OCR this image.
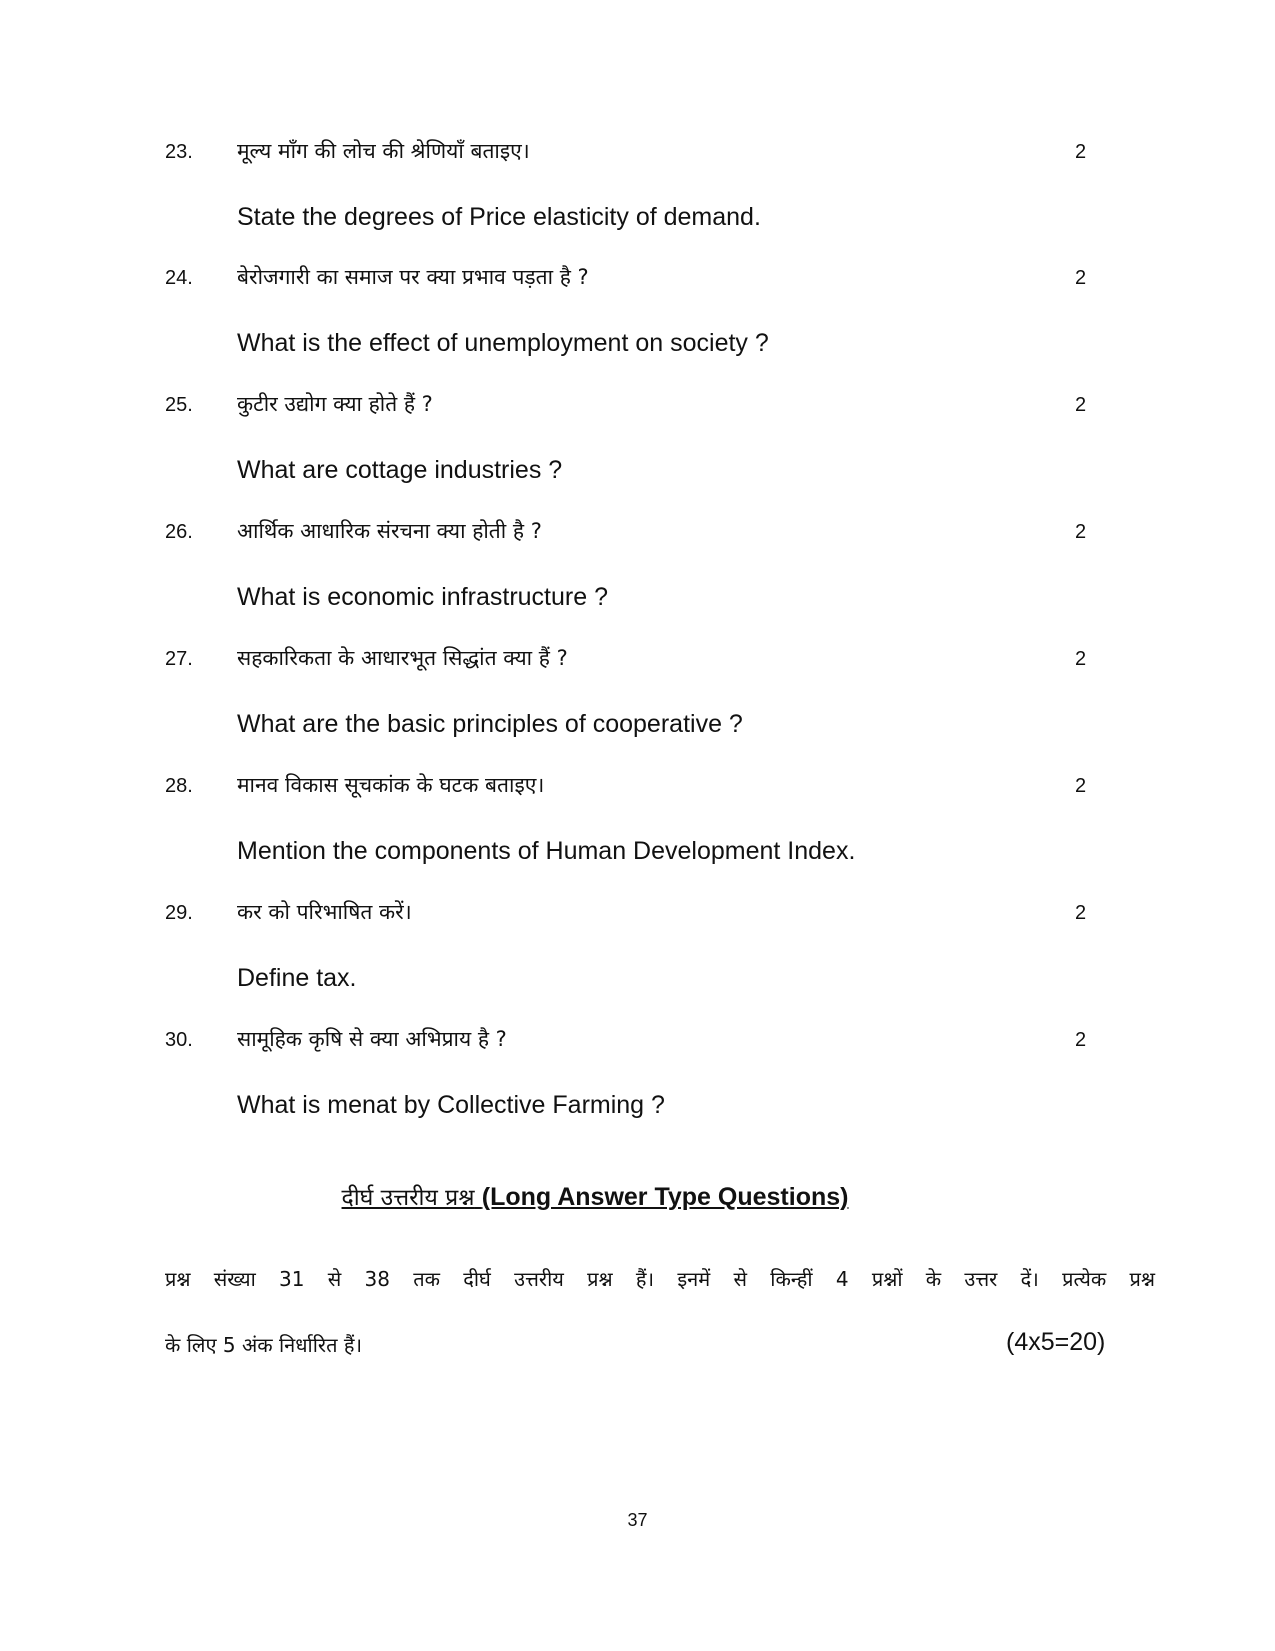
23. मूल्य माँग की लोच की श्रेणियाँ बताइए।	2
State the degrees of Price elasticity of demand.
24. बेरोजगारी का समाज पर क्या प्रभाव पड़ता है ?	2
What is the effect of unemployment on society ?
25. कुटीर उद्योग क्या होते हैं ?	2
What are cottage industries ?
26. आर्थिक आधारिक संरचना क्या होती है ?	2
What is economic infrastructure ?
27. सहकारिकता के आधारभूत सिद्धांत क्या हैं ?	2
What are the basic principles of cooperative ?
28. मानव विकास सूचकांक के घटक बताइए।	2
Mention the components of Human Development Index.
29. कर को परिभाषित करें।	2
Define tax.
30. सामूहिक कृषि से क्या अभिप्राय है ?	2
What is menat by Collective Farming ?
दीर्घ उत्तरीय प्रश्न (Long Answer Type Questions)
प्रश्न संख्या 31 से 38 तक दीर्घ उत्तरीय प्रश्न हैं। इनमें से किन्हीं 4 प्रश्नों के उत्तर दें। प्रत्येक प्रश्न
के लिए 5 अंक निर्धारित हैं।	(4x5=20)
37
